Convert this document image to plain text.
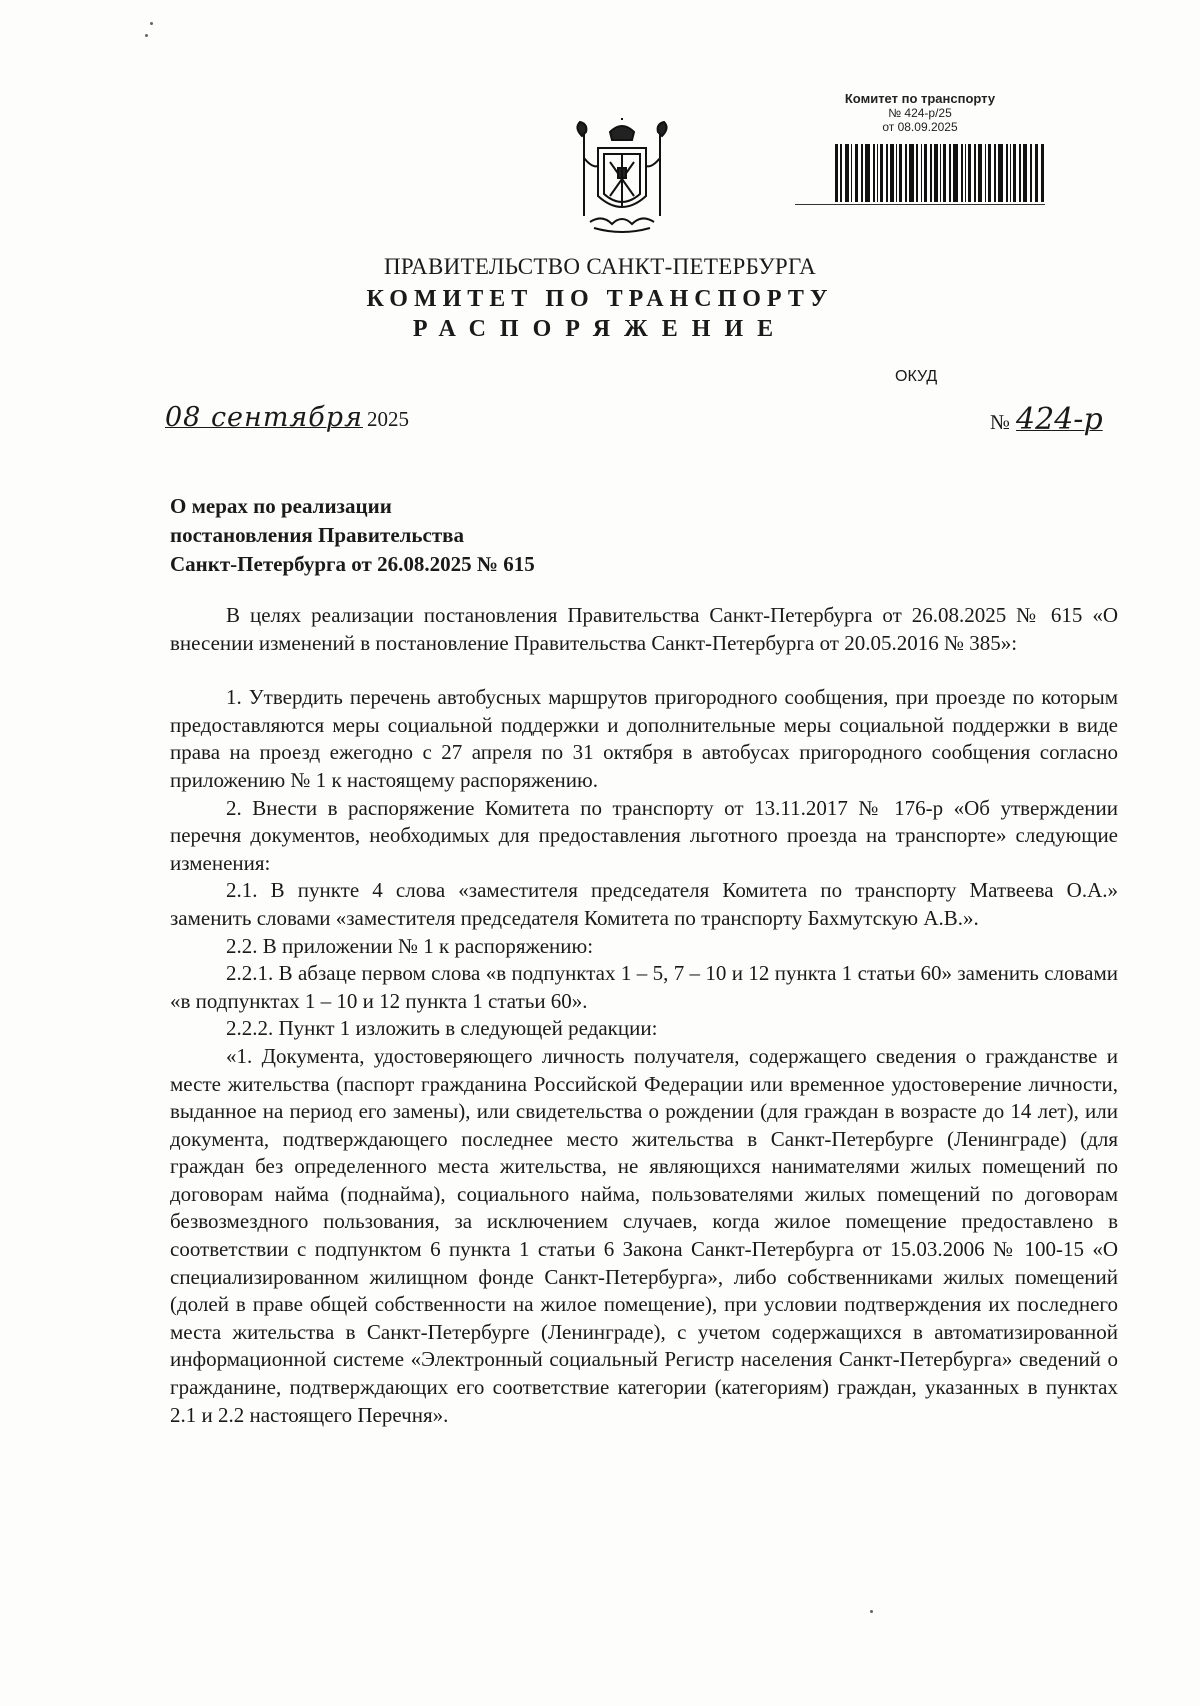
Комитет по транспорту
№ 424-р/25
от 08.09.2025
ПРАВИТЕЛЬСТВО САНКТ-ПЕТЕРБУРГА
КОМИТЕТ ПО ТРАНСПОРТУ
РАСПОРЯЖЕНИЕ
ОКУД
08 сентября 2025	№ 424-р
О мерах по реализации
постановления Правительства
Санкт-Петербурга от 26.08.2025 № 615

В целях реализации постановления Правительства Санкт-Петербурга от 26.08.2025 № 615 «О внесении изменений в постановление Правительства Санкт-Петербурга от 20.05.2016 № 385»:

1. Утвердить перечень автобусных маршрутов пригородного сообщения, при проезде по которым предоставляются меры социальной поддержки и дополнительные меры социальной поддержки в виде права на проезд ежегодно с 27 апреля по 31 октября в автобусах пригородного сообщения согласно приложению № 1 к настоящему распоряжению.

2. Внести в распоряжение Комитета по транспорту от 13.11.2017 № 176-р «Об утверждении перечня документов, необходимых для предоставления льготного проезда на транспорте» следующие изменения:

2.1. В пункте 4 слова «заместителя председателя Комитета по транспорту Матвеева О.А.» заменить словами «заместителя председателя Комитета по транспорту Бахмутскую А.В.».

2.2. В приложении № 1 к распоряжению:

2.2.1. В абзаце первом слова «в подпунктах 1 – 5, 7 – 10 и 12 пункта 1 статьи 60» заменить словами «в подпунктах 1 – 10 и 12 пункта 1 статьи 60».

2.2.2. Пункт 1 изложить в следующей редакции:

«1. Документа, удостоверяющего личность получателя, содержащего сведения о гражданстве и месте жительства (паспорт гражданина Российской Федерации или временное удостоверение личности, выданное на период его замены), или свидетельства о рождении (для граждан в возрасте до 14 лет), или документа, подтверждающего последнее место жительства в Санкт-Петербурге (Ленинграде) (для граждан без определенного места жительства, не являющихся нанимателями жилых помещений по договорам найма (поднайма), социального найма, пользователями жилых помещений по договорам безвозмездного пользования, за исключением случаев, когда жилое помещение предоставлено в соответствии с подпунктом 6 пункта 1 статьи 6 Закона Санкт-Петербурга от 15.03.2006 № 100-15 «О специализированном жилищном фонде Санкт-Петербурга», либо собственниками жилых помещений (долей в праве общей собственности на жилое помещение), при условии подтверждения их последнего места жительства в Санкт-Петербурге (Ленинграде), с учетом содержащихся в автоматизированной информационной системе «Электронный социальный Регистр населения Санкт-Петербурга» сведений о гражданине, подтверждающих его соответствие категории (категориям) граждан, указанных в пунктах 2.1 и 2.2 настоящего Перечня».
